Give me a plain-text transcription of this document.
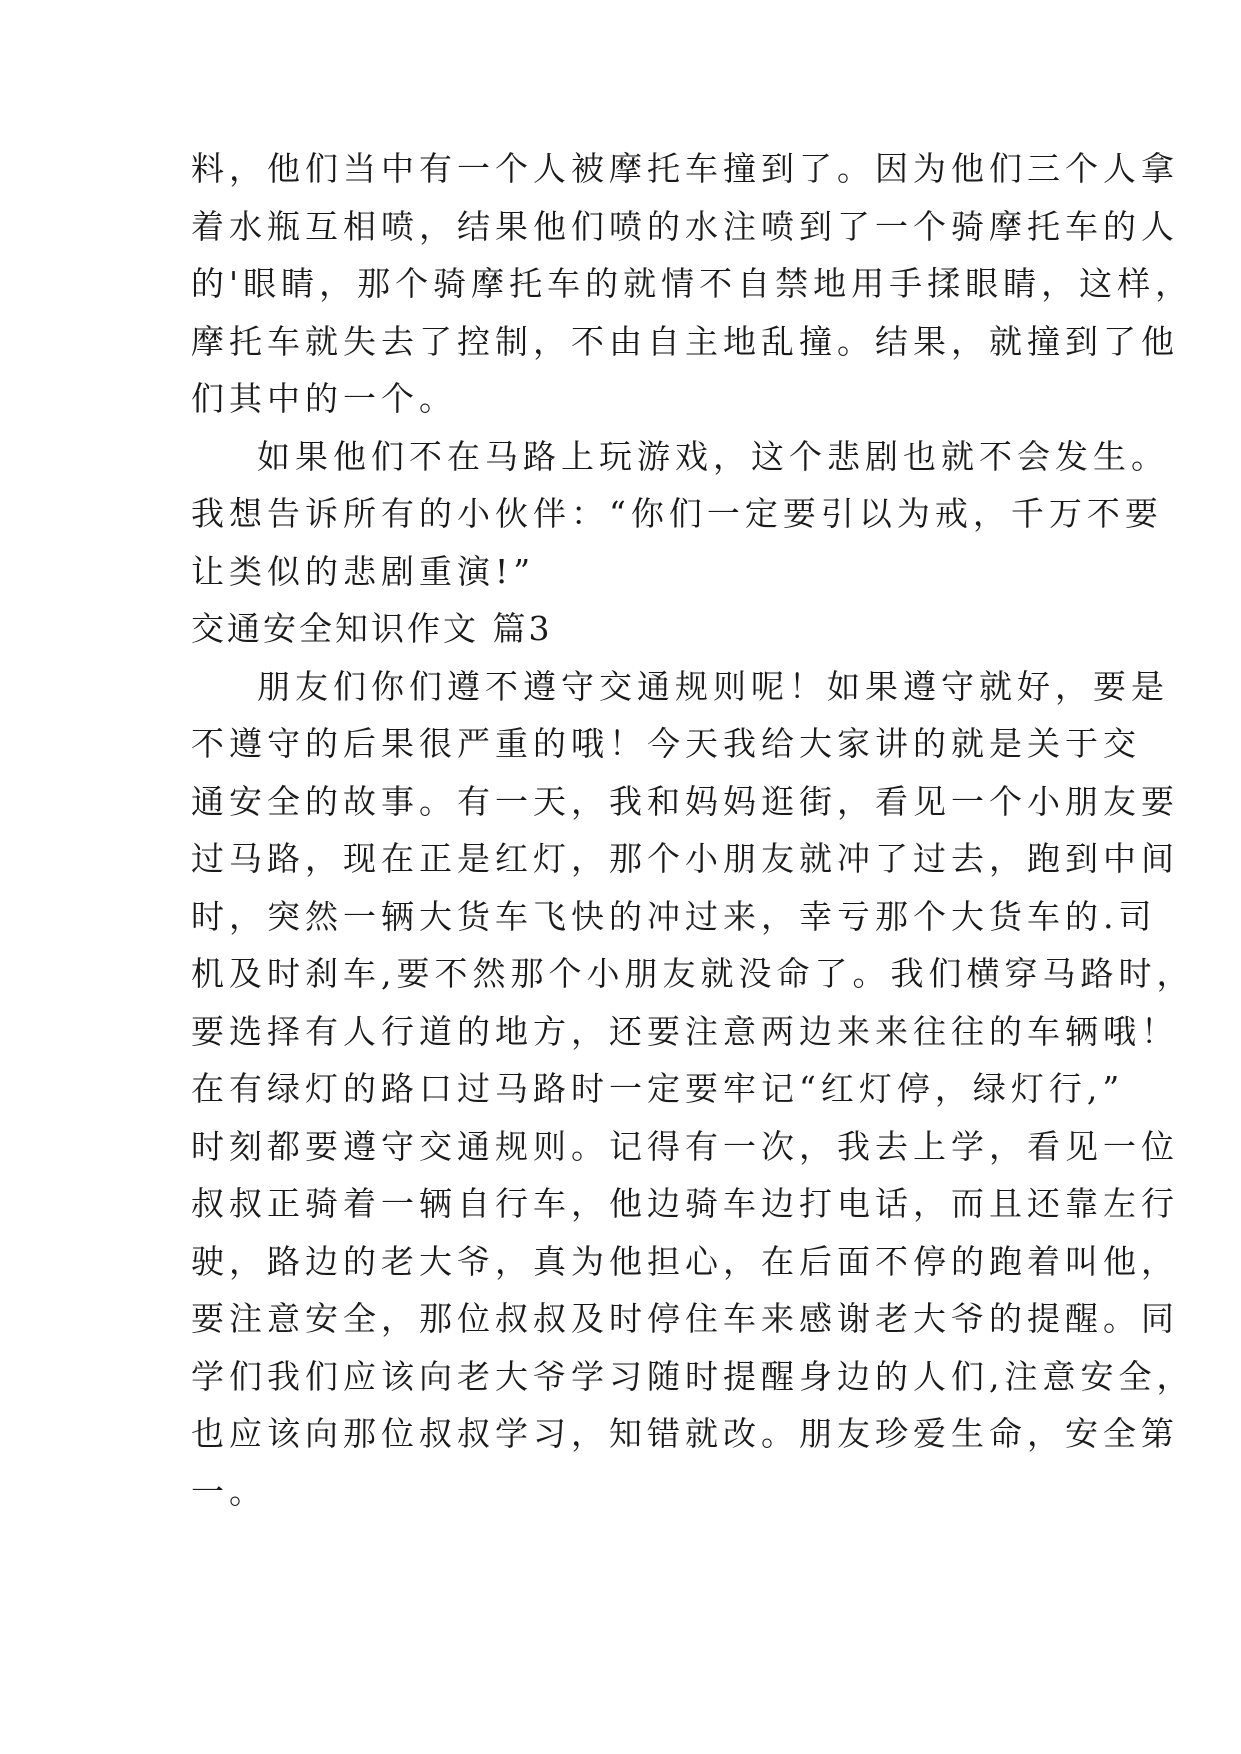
料，他们当中有一个人被摩托车撞到了。因为他们三个人拿
着水瓶互相喷，结果他们喷的水注喷到了一个骑摩托车的人
的'眼睛，那个骑摩托车的就情不自禁地用手揉眼睛，这样，
摩托车就失去了控制，不由自主地乱撞。结果，就撞到了他
们其中的一个。
如果他们不在马路上玩游戏，这个悲剧也就不会发生。
我想告诉所有的小伙伴：“你们一定要引以为戒，千万不要
让类似的悲剧重演!”
交通安全知识作文 篇3
朋友们你们遵不遵守交通规则呢！如果遵守就好，要是
不遵守的后果很严重的哦！今天我给大家讲的就是关于交
通安全的故事。有一天，我和妈妈逛街，看见一个小朋友要
过马路，现在正是红灯，那个小朋友就冲了过去，跑到中间
时，突然一辆大货车飞快的冲过来，幸亏那个大货车的.司
机及时刹车,要不然那个小朋友就没命了。我们横穿马路时，
要选择有人行道的地方，还要注意两边来来往往的车辆哦！
在有绿灯的路口过马路时一定要牢记“红灯停，绿灯行,”
时刻都要遵守交通规则。记得有一次，我去上学，看见一位
叔叔正骑着一辆自行车，他边骑车边打电话，而且还靠左行
驶，路边的老大爷，真为他担心，在后面不停的跑着叫他，
要注意安全，那位叔叔及时停住车来感谢老大爷的提醒。同
学们我们应该向老大爷学习随时提醒身边的人们,注意安全，
也应该向那位叔叔学习，知错就改。朋友珍爱生命，安全第
一。
